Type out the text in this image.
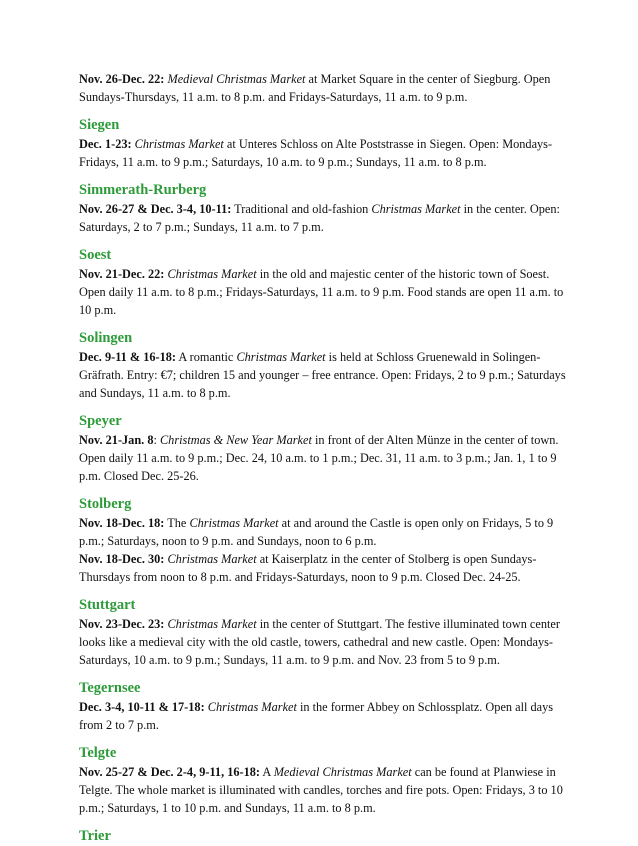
Nov. 26-Dec. 22: Medieval Christmas Market at Market Square in the center of Siegburg. Open Sundays-Thursdays, 11 a.m. to 8 p.m. and Fridays-Saturdays, 11 a.m. to 9 p.m.

Siegen

Dec. 1-23: Christmas Market at Unteres Schloss on Alte Poststrasse in Siegen. Open: Mondays-Fridays, 11 a.m. to 9 p.m.; Saturdays, 10 a.m. to 9 p.m.; Sundays, 11 a.m. to 8 p.m.

Simmerath-Rurberg

Nov. 26-27 & Dec. 3-4, 10-11: Traditional and old-fashion Christmas Market in the center. Open: Saturdays, 2 to 7 p.m.; Sundays, 11 a.m. to 7 p.m.

Soest

Nov. 21-Dec. 22: Christmas Market in the old and majestic center of the historic town of Soest. Open daily 11 a.m. to 8 p.m.; Fridays-Saturdays, 11 a.m. to 9 p.m. Food stands are open 11 a.m. to 10 p.m.

Solingen

Dec. 9-11 & 16-18: A romantic Christmas Market is held at Schloss Gruenewald in Solingen-Gräfrath. Entry: €7; children 15 and younger – free entrance. Open: Fridays, 2 to 9 p.m.; Saturdays and Sundays, 11 a.m. to 8 p.m.

Speyer

Nov. 21-Jan. 8: Christmas & New Year Market in front of der Alten Münze in the center of town. Open daily 11 a.m. to 9 p.m.; Dec. 24, 10 a.m. to 1 p.m.; Dec. 31, 11 a.m. to 3 p.m.; Jan. 1, 1 to 9 p.m. Closed Dec. 25-26.

Stolberg

Nov. 18-Dec. 18: The Christmas Market at and around the Castle is open only on Fridays, 5 to 9 p.m.; Saturdays, noon to 9 p.m. and Sundays, noon to 6 p.m.

Nov. 18-Dec. 30: Christmas Market at Kaiserplatz in the center of Stolberg is open Sundays-Thursdays from noon to 8 p.m. and Fridays-Saturdays, noon to 9 p.m. Closed Dec. 24-25.

Stuttgart

Nov. 23-Dec. 23: Christmas Market in the center of Stuttgart. The festive illuminated town center looks like a medieval city with the old castle, towers, cathedral and new castle. Open: Mondays-Saturdays, 10 a.m. to 9 p.m.; Sundays, 11 a.m. to 9 p.m. and Nov. 23 from 5 to 9 p.m.

Tegernsee

Dec. 3-4, 10-11 & 17-18: Christmas Market in the former Abbey on Schlossplatz. Open all days from 2 to 7 p.m.

Telgte

Nov. 25-27 & Dec. 2-4, 9-11, 16-18: A Medieval Christmas Market can be found at Planwiese in Telgte. The whole market is illuminated with candles, torches and fire pots. Open: Fridays, 3 to 10 p.m.; Saturdays, 1 to 10 p.m. and Sundays, 11 a.m. to 8 p.m.

Trier
